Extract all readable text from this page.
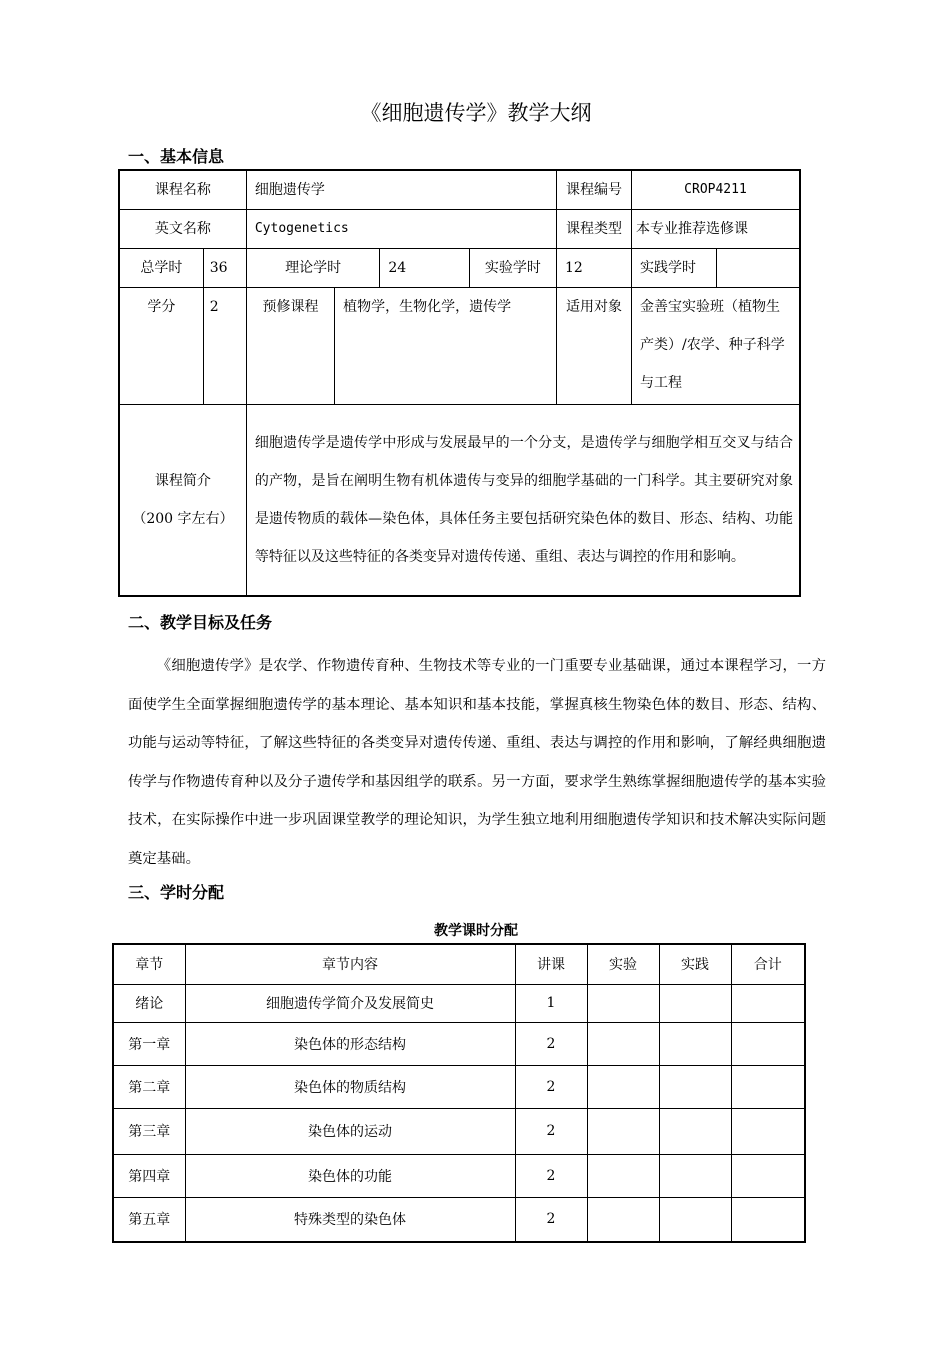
《细胞遗传学》教学大纲
一、基本信息
课程名称		细胞遗传学				课程编号	CROP4211	
英文名称		Cytogenetics				课程类型	本专业推荐选修课	
总学时	36	理论学时		24	实验学时	12	实践学时	
学分	2	预修课程	植物学，生物化学，遗传学			适用对象	金善宝实验班（植物生产类）/农学、种子科学与工程	

课程简介
（200 字左右）		细胞遗传学是遗传学中形成与发展最早的一个分支，是遗传学与细胞学相互交叉与结合的产物，是旨在阐明生物有机体遗传与变异的细胞学基础的一门科学。其主要研究对象是遗传物质的载体—染色体，具体任务主要包括研究染色体的数目、形态、结构、功能等特征以及这些特征的各类变异对遗传传递、重组、表达与调控的作用和影响。						
二、教学目标及任务

《细胞遗传学》是农学、作物遗传育种、生物技术等专业的一门重要专业基础课，通过本课程学习，一方面使学生全面掌握细胞遗传学的基本理论、基本知识和基本技能，掌握真核生物染色体的数目、形态、结构、功能与运动等特征，了解这些特征的各类变异对遗传传递、重组、表达与调控的作用和影响，了解经典细胞遗传学与作物遗传育种以及分子遗传学和基因组学的联系。另一方面，要求学生熟练掌握细胞遗传学的基本实验技术，在实际操作中进一步巩固课堂教学的理论知识，为学生独立地利用细胞遗传学知识和技术解决实际问题奠定基础。

三、学时分配
教学课时分配
章节	章节内容	讲课	实验	实践	合计
绪论	细胞遗传学简介及发展简史	1			
第一章	染色体的形态结构	2			
第二章	染色体的物质结构	2			
第三章	染色体的运动	2			
第四章	染色体的功能	2			
第五章	特殊类型的染色体	2			
